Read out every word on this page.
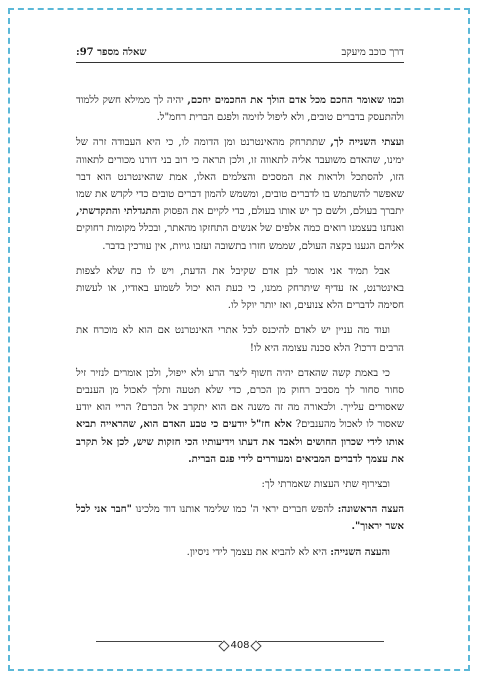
דרך כוכב מיעקב
שאלה מספר 97:

וכמו שאומר החכם מכל אדם הולך את החכמים יחכם, יהיה לך ממילא חשק ללמוד ולהתעסק בדברים טובים, ולא ליפול לזימה ולפגם הברית רחמ"ל.

ועצתי השנייה לך, שתתרחק מהאינטרנט ומן הדומה לו, כי היא העבודה זרה של ימינו, שהאדם משועבד אליה לתאווה זו, ולכן תראה כי רוב בני דורנו מכורים לתאווה הזו, להסתכל ולראות את המסכים והצלמים האלו, אמת שהאינטרנט הוא דבר שאפשר להשתמש בו לדברים טובים, ומשמש להמון דברים טובים כדי לקדש את שמו יתברך בעולם, ולשם כך יש אותו בעולם, כדי לקיים את הפסוק והתגדלתי והתקדשתי, ואנחנו בעצמנו רואים כמה אלפים של אנשים התחזקו מהאתר, ובכלל מקומות רחוקים אליהם הגענו בקצה העולם, שממש חזרו בתשובה ועזבו גויות, אין עורכין בדבר.

אבל תמיד אני אומר לבן אדם שקיבל את הדעת, ויש לו כח שלא לצפות באינטרנט, אז עדיף שיתרחק ממנו, כי כעת הוא יכול לשמוע באודיו, או לעשות חסימה לדברים הלא צנועים, ואז יותר יוקל לו.

ועוד מה עניין יש לאדם להיכנס לכל אתרי האינטרנט אם הוא לא מוכרח את הרבים דרכו? הלא סכנה עצומה היא לו!

כי באמת קשה שהאדם יהיה חשוף ליצר הרע ולא ייפול, ולכן אומרים לנזיר זיל סחור סחור לך מסביב רחוק מן הכרם, כדי שלא תטעה ותלך לאכול מן הענבים שאסורים עלייך. ולכאורה מה זה משנה אם הוא יתקרב אל הכרם? הריי הוא יודע שאסור לו לאכול מהענבים? אלא חז"ל יודעים כי טבע האדם הוא, שהראייה תביא אותו לידי שכרון החושים ולאבד את דעתו וידיעותיו הכי חזקות שיש, לכן אל תקרב את עצמך לדברים המביאים ומעוררים לידי פגם הברית.

ובצירוף שתי העצות שאמרתי לך:

העצה הראשונה: להפש חברים יראי ה' כמו שלימד אותנו דוד מלכינו "חבר אני לכל אשר יראוך".

והעצה השנייה: היא לא להביא את עצמך לידי ניסיון.

408
